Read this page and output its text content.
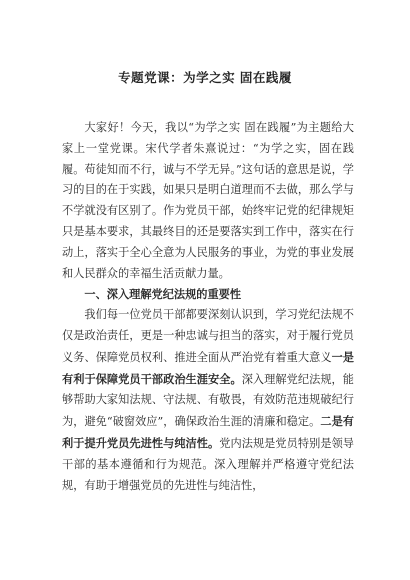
专题党课：为学之实 固在践履

大家好！今天，我以“为学之实 固在践履”为主题给大家上一堂党课。宋代学者朱熹说过：“为学之实，固在践履。苟徒知而不行，诚与不学无异。”这句话的意思是说，学习的目的在于实践，如果只是明白道理而不去做，那么学与不学就没有区别了。作为党员干部，始终牢记党的纪律规矩只是基本要求，其最终目的还是要落实到工作中，落实在行动上，落实于全心全意为人民服务的事业，为党的事业发展和人民群众的幸福生活贡献力量。

一、深入理解党纪法规的重要性

我们每一位党员干部都要深刻认识到，学习党纪法规不仅是政治责任，更是一种忠诚与担当的落实，对于履行党员义务、保障党员权利、推进全面从严治党有着重大意义一是有利于保障党员干部政治生涯安全。深入理解党纪法规，能够帮助大家知法规、守法规、有敬畏，有效防范违规破纪行为，避免“破窗效应”，确保政治生涯的清廉和稳定。二是有利于提升党员先进性与纯洁性。党内法规是党员特别是领导干部的基本遵循和行为规范。深入理解并严格遵守党纪法规，有助于增强党员的先进性与纯洁性，
